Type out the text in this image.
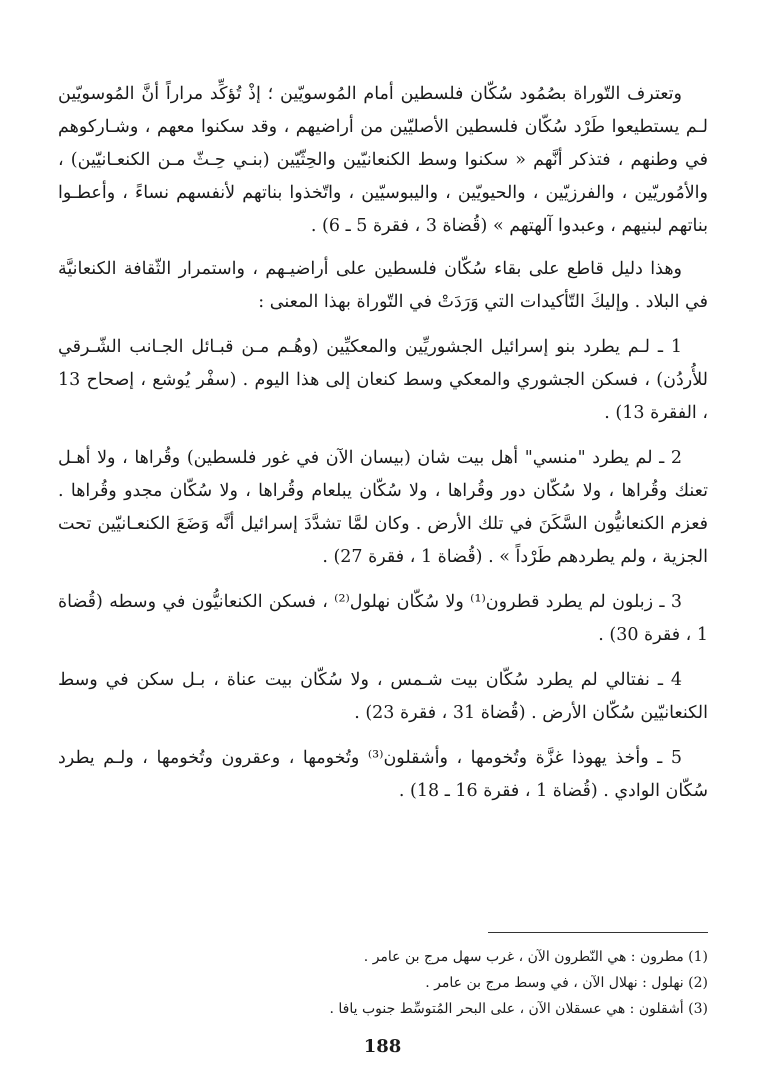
وتعترف التّوراة بصُمُود سُكّان فلسطين أمام المُوسويّين ؛ إذْ تُؤكِّد مراراً أنَّ المُوسويّين لـم يستطيعوا طَرْد سُكّان فلسطين الأصليّين من أراضيهم ، وقد سكنوا معهم ، وشـاركوهم في وطنهم ، فتذكر أنَّهم « سكنوا وسط الكنعانيّين والحِثّيّين (بنـي حِـثّ مـن الكنعـانيّين) ، والأمُوريّين ، والفرزيّين ، والحيويّين ، واليبوسيّين ، واتّخذوا بناتهم لأنفسهم نساءً ، وأعطـوا بناتهم لبنيهم ، وعبدوا آلهتهم » (قُضاة 3 ، فقرة 5 ـ 6) .

وهذا دليل قاطع على بقاء سُكّان فلسطين على أراضيـهم ، واستمرار الثّقافة الكنعانيَّة في البلاد . وإليكَ التّأكيدات التي وَرَدَتْ في التّوراة بهذا المعنى :

1 ـ لـم يطرد بنو إسرائيل الجشوريِّين والمعكيِّين (وهُـم مـن قبـائل الجـانب الشّـرقي للأُردُن) ، فسكن الجشوري والمعكي وسط كنعان إلى هذا اليوم . (سفْر يُوشع ، إصحاح 13 ، الفقرة 13) .

2 ـ لم يطرد "منسي" أهل بيت شان (بيسان الآن في غور فلسطين) وقُراها ، ولا أهـل تعنك وقُراها ، ولا سُكّان دور وقُراها ، ولا سُكّان يبلعام وقُراها ، ولا سُكّان مجدو وقُراها . فعزم الكنعانيُّون السَّكَنَ في تلك الأرض . وكان لمَّا تشدَّدَ إسرائيل أنَّه وَضَعَ الكنعـانيّين تحت الجزية ، ولم يطردهم طَرْداً » . (قُضاة 1 ، فقرة 27) .

3 ـ زبلون لم يطرد قطرون⁽¹⁾ ولا سُكّان نهلول⁽²⁾ ، فسكن الكنعانيُّون في وسطه (قُضاة 1 ، فقرة 30) .

4 ـ نفتالي لم يطرد سُكّان بيت شـمس ، ولا سُكّان بيت عناة ، بـل سكن في وسط الكنعانيّين سُكّان الأرض . (قُضاة 31 ، فقرة 23) .

5 ـ وأخذ يهوذا غزَّة وتُخومها ، وأشقلون⁽³⁾ وتُخومها ، وعقرون وتُخومها ، ولـم يطرد سُكّان الوادي . (قُضاة 1 ، فقرة 16 ـ 18) .

(1) مطرون : هي النّطرون الآن ، غرب سهل مرج بن عامر .

(2) نهلول : نهلال الآن ، في وسط مرج بن عامر .

(3) أشقلون : هي عسقلان الآن ، على البحر المُتوسِّط جنوب يافا .

188
